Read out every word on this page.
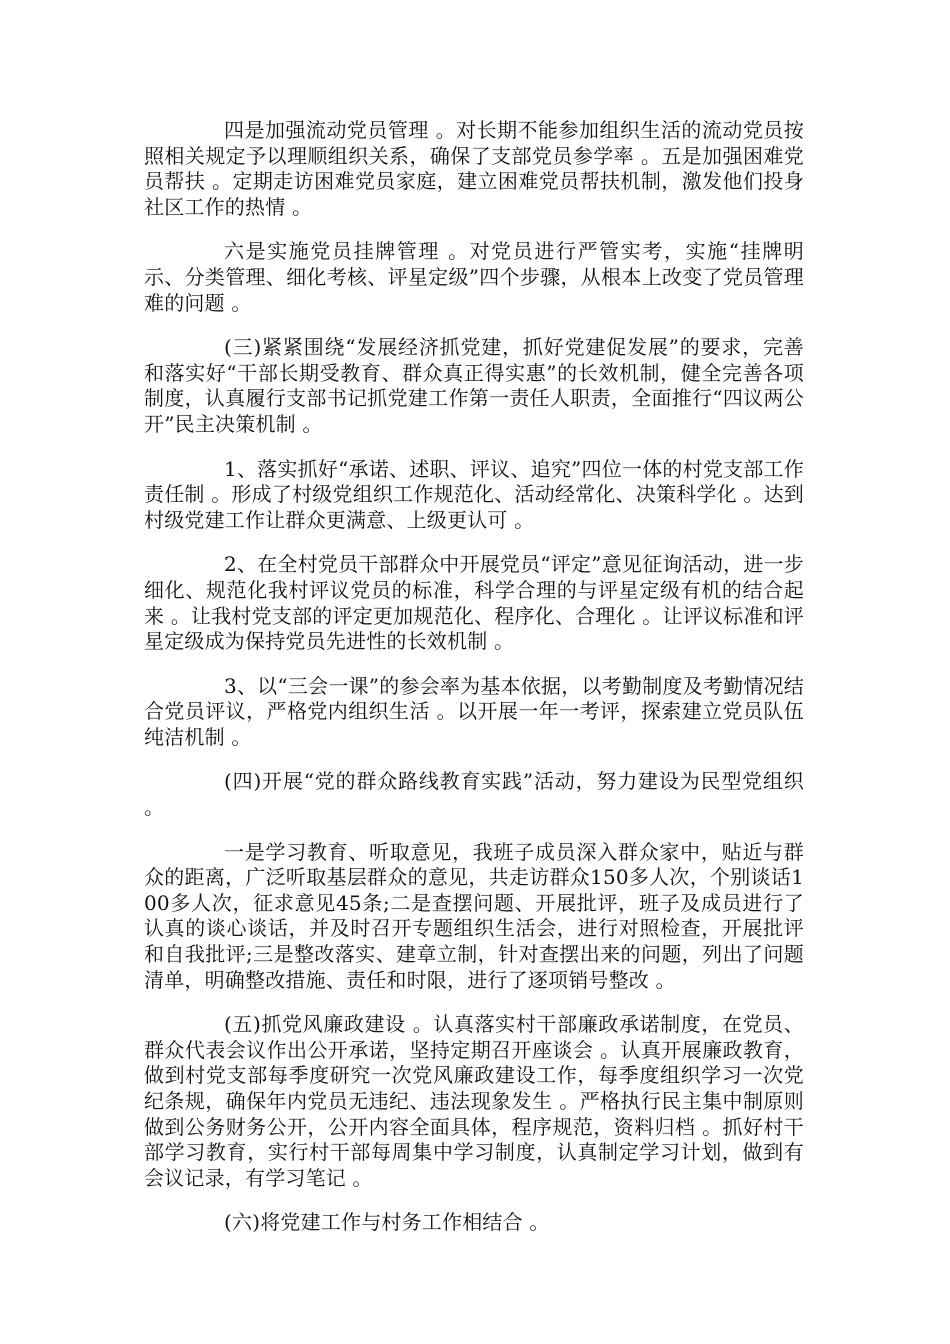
四是加强流动党员管理 。对长期不能参加组织生活的流动党员按照相关规定予以理顺组织关系，确保了支部党员参学率 。五是加强困难党员帮扶 。定期走访困难党员家庭，建立困难党员帮扶机制，激发他们投身社区工作的热情 。

六是实施党员挂牌管理 。对党员进行严管实考，实施“挂牌明示、分类管理、细化考核、评星定级”四个步骤，从根本上改变了党员管理难的问题 。

(三)紧紧围绕“发展经济抓党建，抓好党建促发展”的要求，完善和落实好“干部长期受教育、群众真正得实惠”的长效机制，健全完善各项制度，认真履行支部书记抓党建工作第一责任人职责，全面推行“四议两公开”民主决策机制 。

1、落实抓好“承诺、述职、评议、追究”四位一体的村党支部工作责任制 。形成了村级党组织工作规范化、活动经常化、决策科学化 。达到村级党建工作让群众更满意、上级更认可 。

2、在全村党员干部群众中开展党员“评定”意见征询活动，进一步细化、规范化我村评议党员的标准，科学合理的与评星定级有机的结合起来 。让我村党支部的评定更加规范化、程序化、合理化 。让评议标准和评星定级成为保持党员先进性的长效机制 。

3、以“三会一课”的参会率为基本依据，以考勤制度及考勤情况结合党员评议，严格党内组织生活 。以开展一年一考评，探索建立党员队伍纯洁机制 。

(四)开展“党的群众路线教育实践”活动，努力建设为民型党组织 。

一是学习教育、听取意见，我班子成员深入群众家中，贴近与群众的距离，广泛听取基层群众的意见，共走访群众150多人次，个别谈话100多人次，征求意见45条;二是查摆问题、开展批评，班子及成员进行了认真的谈心谈话，并及时召开专题组织生活会，进行对照检查，开展批评和自我批评;三是整改落实、建章立制，针对查摆出来的问题，列出了问题清单，明确整改措施、责任和时限，进行了逐项销号整改 。

(五)抓党风廉政建设 。认真落实村干部廉政承诺制度，在党员、群众代表会议作出公开承诺，坚持定期召开座谈会 。认真开展廉政教育，做到村党支部每季度研究一次党风廉政建设工作，每季度组织学习一次党纪条规，确保年内党员无违纪、违法现象发生 。严格执行民主集中制原则做到公务财务公开，公开内容全面具体，程序规范，资料归档 。抓好村干部学习教育，实行村干部每周集中学习制度，认真制定学习计划，做到有会议记录，有学习笔记 。

(六)将党建工作与村务工作相结合 。
